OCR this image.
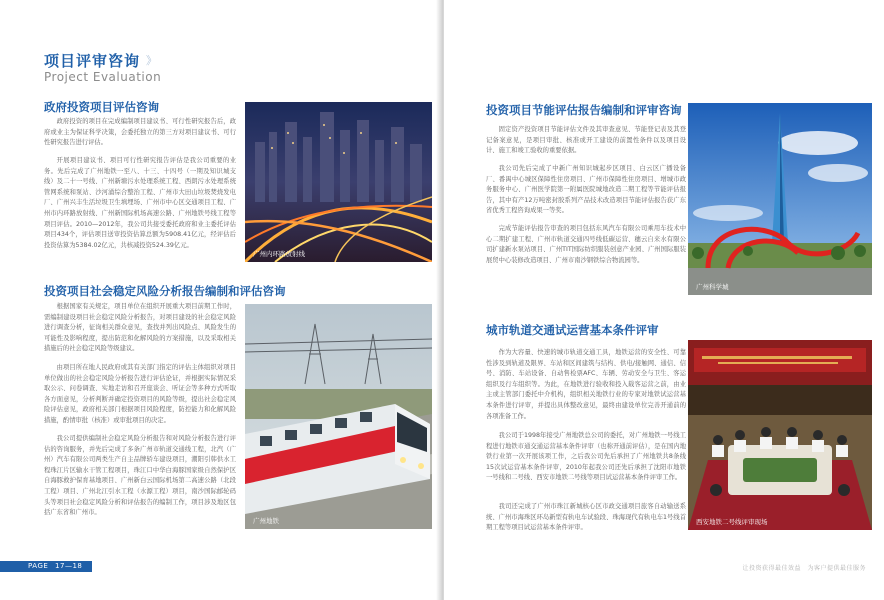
项目评审咨询 》
Project Evaluation
政府投资项目评估咨询

政府投资的项目在完成编制项目建议书、可行性研究报告后，政府或业主为保证科学决策，会委托独立的第三方对项目建议书、可行性研究报告进行评估。

开展项目建议书、项目可行性研究报告评估是我公司重要的业务。先后完成了广州地铁一至八、十三、十四号（一期及知识城支线）及二十一号线、广州新塘污水处理系统工程、西朗污水处理系统管网系统和泵站、沙河涌综合整治工程、广州市大田山垃圾焚烧发电厂、广州兴丰生活垃圾卫生填埋场、广州市中心区交通项目工程、广州市内环路放射线、广州新国际机场高速公路、广州地铁号线工程等项目评估。2010—2012年，我公司共接受委托政府和业主委托评估项目434个，评估项目送审投资估算总额为5908.41亿元，经评估后投资估算为5384.02亿元，共核减投资524.39亿元。

广州内环路放射线
投资项目社会稳定风险分析报告编制和评估咨询

根据国家有关规定，项目单位在组织开展重大项目前期工作时，需编制建设项目社会稳定风险分析报告，对项目建设的社会稳定风险进行调查分析，征询相关群众意见，查找并列出风险点、风险发生的可能性及影响程度，提出防范和化解风险的方案措施，以及采取相关措施后的社会稳定风险等级建议。

由项目所在地人民政府或其有关部门指定的评估主体组织对项目单位做出的社会稳定风险分析报告进行评估论证，并根据实际情况采取公示、问卷调查、实地走访和召开座谈会、听证会等多种方式听取各方面意见，分析判断并确定投资项目的风险等级，提出社会稳定风险评估意见，政府相关部门根据项目风险程度，防控能力和化解风险措施，酌情审批（核准）或审批项目的决定。

我公司提供编制社会稳定风险分析报告和对风险分析报告进行评估的咨询服务，并先后完成了多条广州市轨道交通线工程，北汽（广州）汽车有限公司两类生产自主品牌轿车建设项目，潮阳引韩供水工程珠江片区输水干管工程项目，珠江口中华白海豚国家级自然保护区自海豚救护保育基地项目、广州新白云国际机场第二高速公路（北段工程）项目、广州北江引水工程（水源工程）项目，南沙国际邮轮码头等项目社会稳定风险分析和评估报告的编制工作，项目涉及地区包括广东省和广州市。

广州地铁
PAGE 17—18
投资项目节能评估报告编制和评审咨询

固定资产投资项目节能评估文件及其审查意见、节能登记表及其登记备案意见，是项目审批、核准或开工建设的前置性条件以及项目设计、施工和竣工验收的重要依据。

我公司先后完成了中新广州知识城起步区项目、白云区广播设备厂、番禺中心城区保障性住房项目、广州市保障性住房项目、增城市政务服务中心、广州医学院第一附属医院城地改造二期工程等节能评估报告，其中有产12万吨密封胶系列产品技术改造项目节能评估报告获广东省优秀工程咨询成果一等奖。

完成节能评估报告审查的项目包括东风汽车有限公司乘用车技术中心二期扩建工程、广州市轨道交通四号线低碳运营、穗云自来水有限公司扩建新水泵站项目、广州TIT国际纺织服装创意产业园、广州国际服装展贸中心装修改造项目、广州市南沙钢铁综合物流园等。

广州科学城
城市轨道交通试运营基本条件评审

作为大容量、快速的城市轨道交通工具，地铁运营的安全性、可靠性涉及到轨道及限界、车站和区间建筑与结构、供电/接触网、通信、信号、消防、车站设备、自动售检票AFC、车辆、劳动安全与卫生、客运组织及行车组织等。为此，在地铁进行验收和投入载客运营之前，由业主或主管部门委托中介机构，组织相关地铁行业的专家对地铁试运营基本条件进行评审，并提出具体整改意见，最终由建设单位完善开通前的各项准备工作。

我公司于1998年接受广州地铁总公司的委托，对广州地铁一号线工程进行地铁市通交通运营基本条件评审（也称开通前评估），是在国内地铁行业第一次开展该项工作，之后我公司先后承担了广州地铁共8条线15次试运营基本条件评审，2010年起我公司还先后承担了沈阳市地铁一号线和二号线、西安市地铁二号线等项目试运营基本条件评审工作。

我司还完成了广州市珠江新城核心区市政交通项目旅客自动输送系统、广州市海珠区环岛新型有轨电车试验段、珠海现代有轨电车1号线首期工程等项目试运营基本条件评审。

西安地铁二号线评审现场
让投资获得最佳效益　为客户提供最佳服务
